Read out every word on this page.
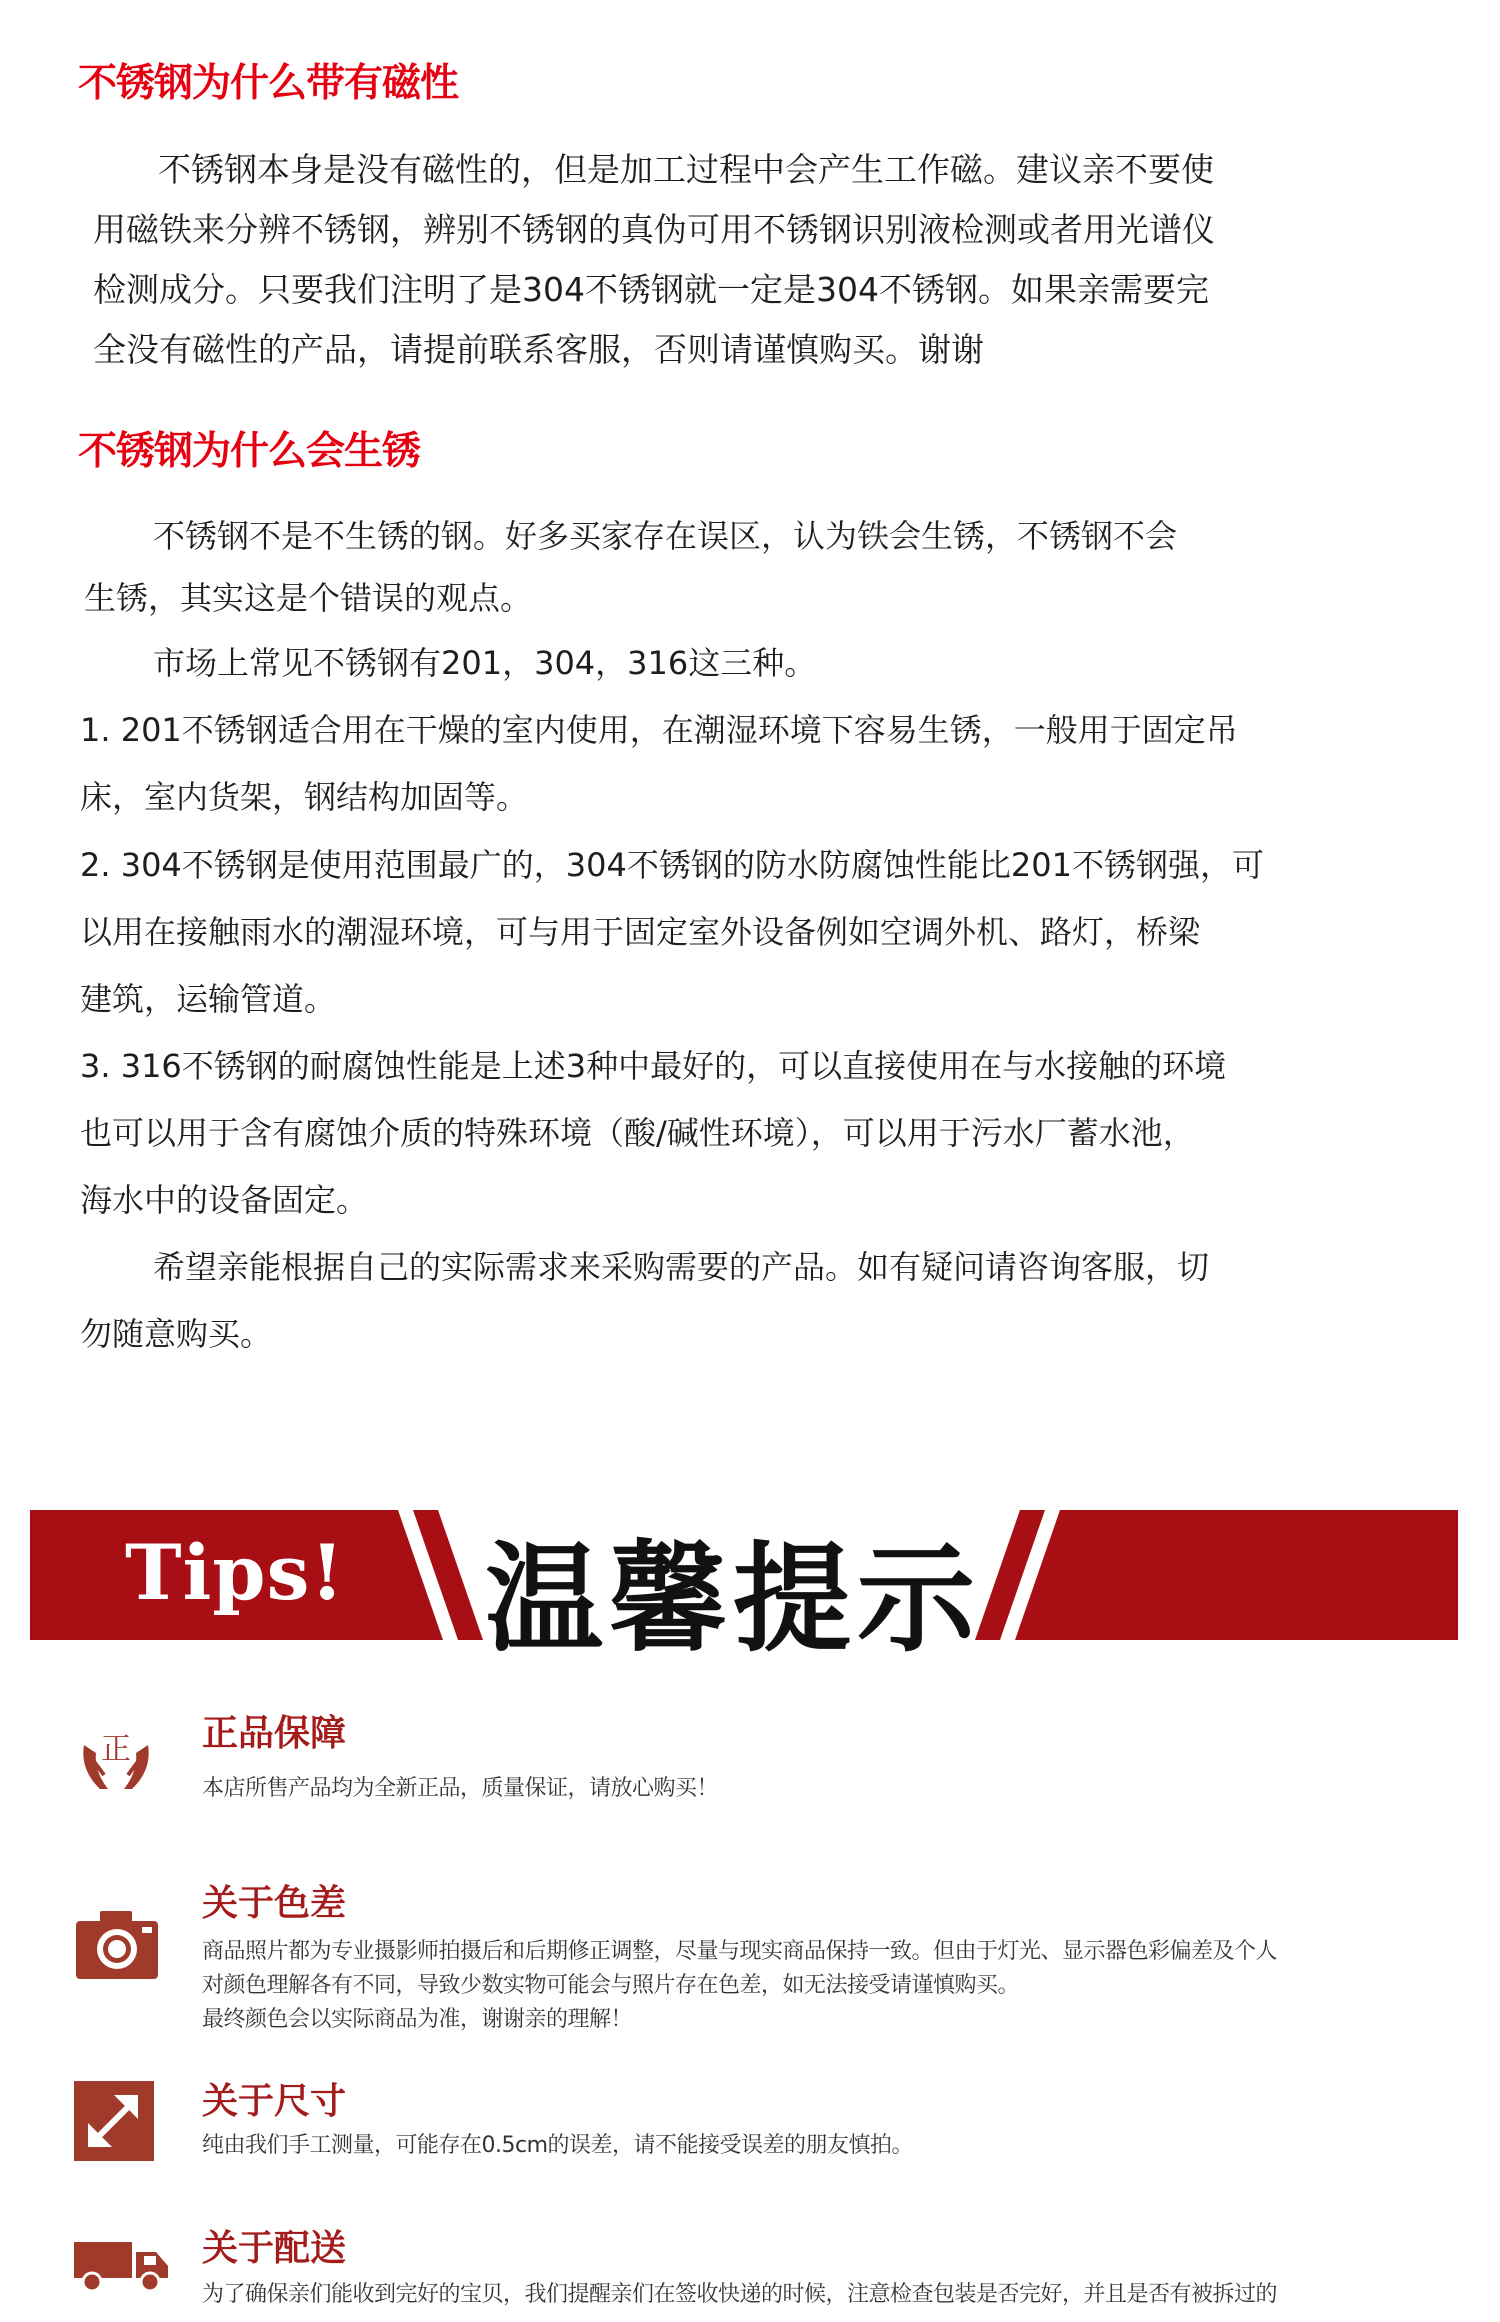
不锈钢为什么带有磁性

不锈钢本身是没有磁性的，但是加工过程中会产生工作磁。建议亲不要使

用磁铁来分辨不锈钢，辨别不锈钢的真伪可用不锈钢识别液检测或者用光谱仪

检测成分。只要我们注明了是304不锈钢就一定是304不锈钢。如果亲需要完

全没有磁性的产品，请提前联系客服，否则请谨慎购买。谢谢

不锈钢为什么会生锈

不锈钢不是不生锈的钢。好多买家存在误区，认为铁会生锈，不锈钢不会

生锈，其实这是个错误的观点。

市场上常见不锈钢有201，304，316这三种。

1. 201不锈钢适合用在干燥的室内使用，在潮湿环境下容易生锈，一般用于固定吊

床，室内货架，钢结构加固等。

2. 304不锈钢是使用范围最广的，304不锈钢的防水防腐蚀性能比201不锈钢强，可

以用在接触雨水的潮湿环境，可与用于固定室外设备例如空调外机、路灯，桥梁

建筑，运输管道。

3. 316不锈钢的耐腐蚀性能是上述3种中最好的，可以直接使用在与水接触的环境

也可以用于含有腐蚀介质的特殊环境（酸/碱性环境），可以用于污水厂蓄水池，

海水中的设备固定。

希望亲能根据自己的实际需求来采购需要的产品。如有疑问请咨询客服，切

勿随意购买。

Tips! 温馨提示
正 正品保障

本店所售产品均为全新正品，质量保证，请放心购买！

关于色差

商品照片都为专业摄影师拍摄后和后期修正调整，尽量与现实商品保持一致。但由于灯光、显示器色彩偏差及个人

对颜色理解各有不同，导致少数实物可能会与照片存在色差，如无法接受请谨慎购买。

最终颜色会以实际商品为准，谢谢亲的理解！

关于尺寸

纯由我们手工测量，可能存在0.5cm的误差，请不能接受误差的朋友慎拍。

关于配送

为了确保亲们能收到完好的宝贝，我们提醒亲们在签收快递的时候，注意检查包装是否完好，并且是否有被拆过的
